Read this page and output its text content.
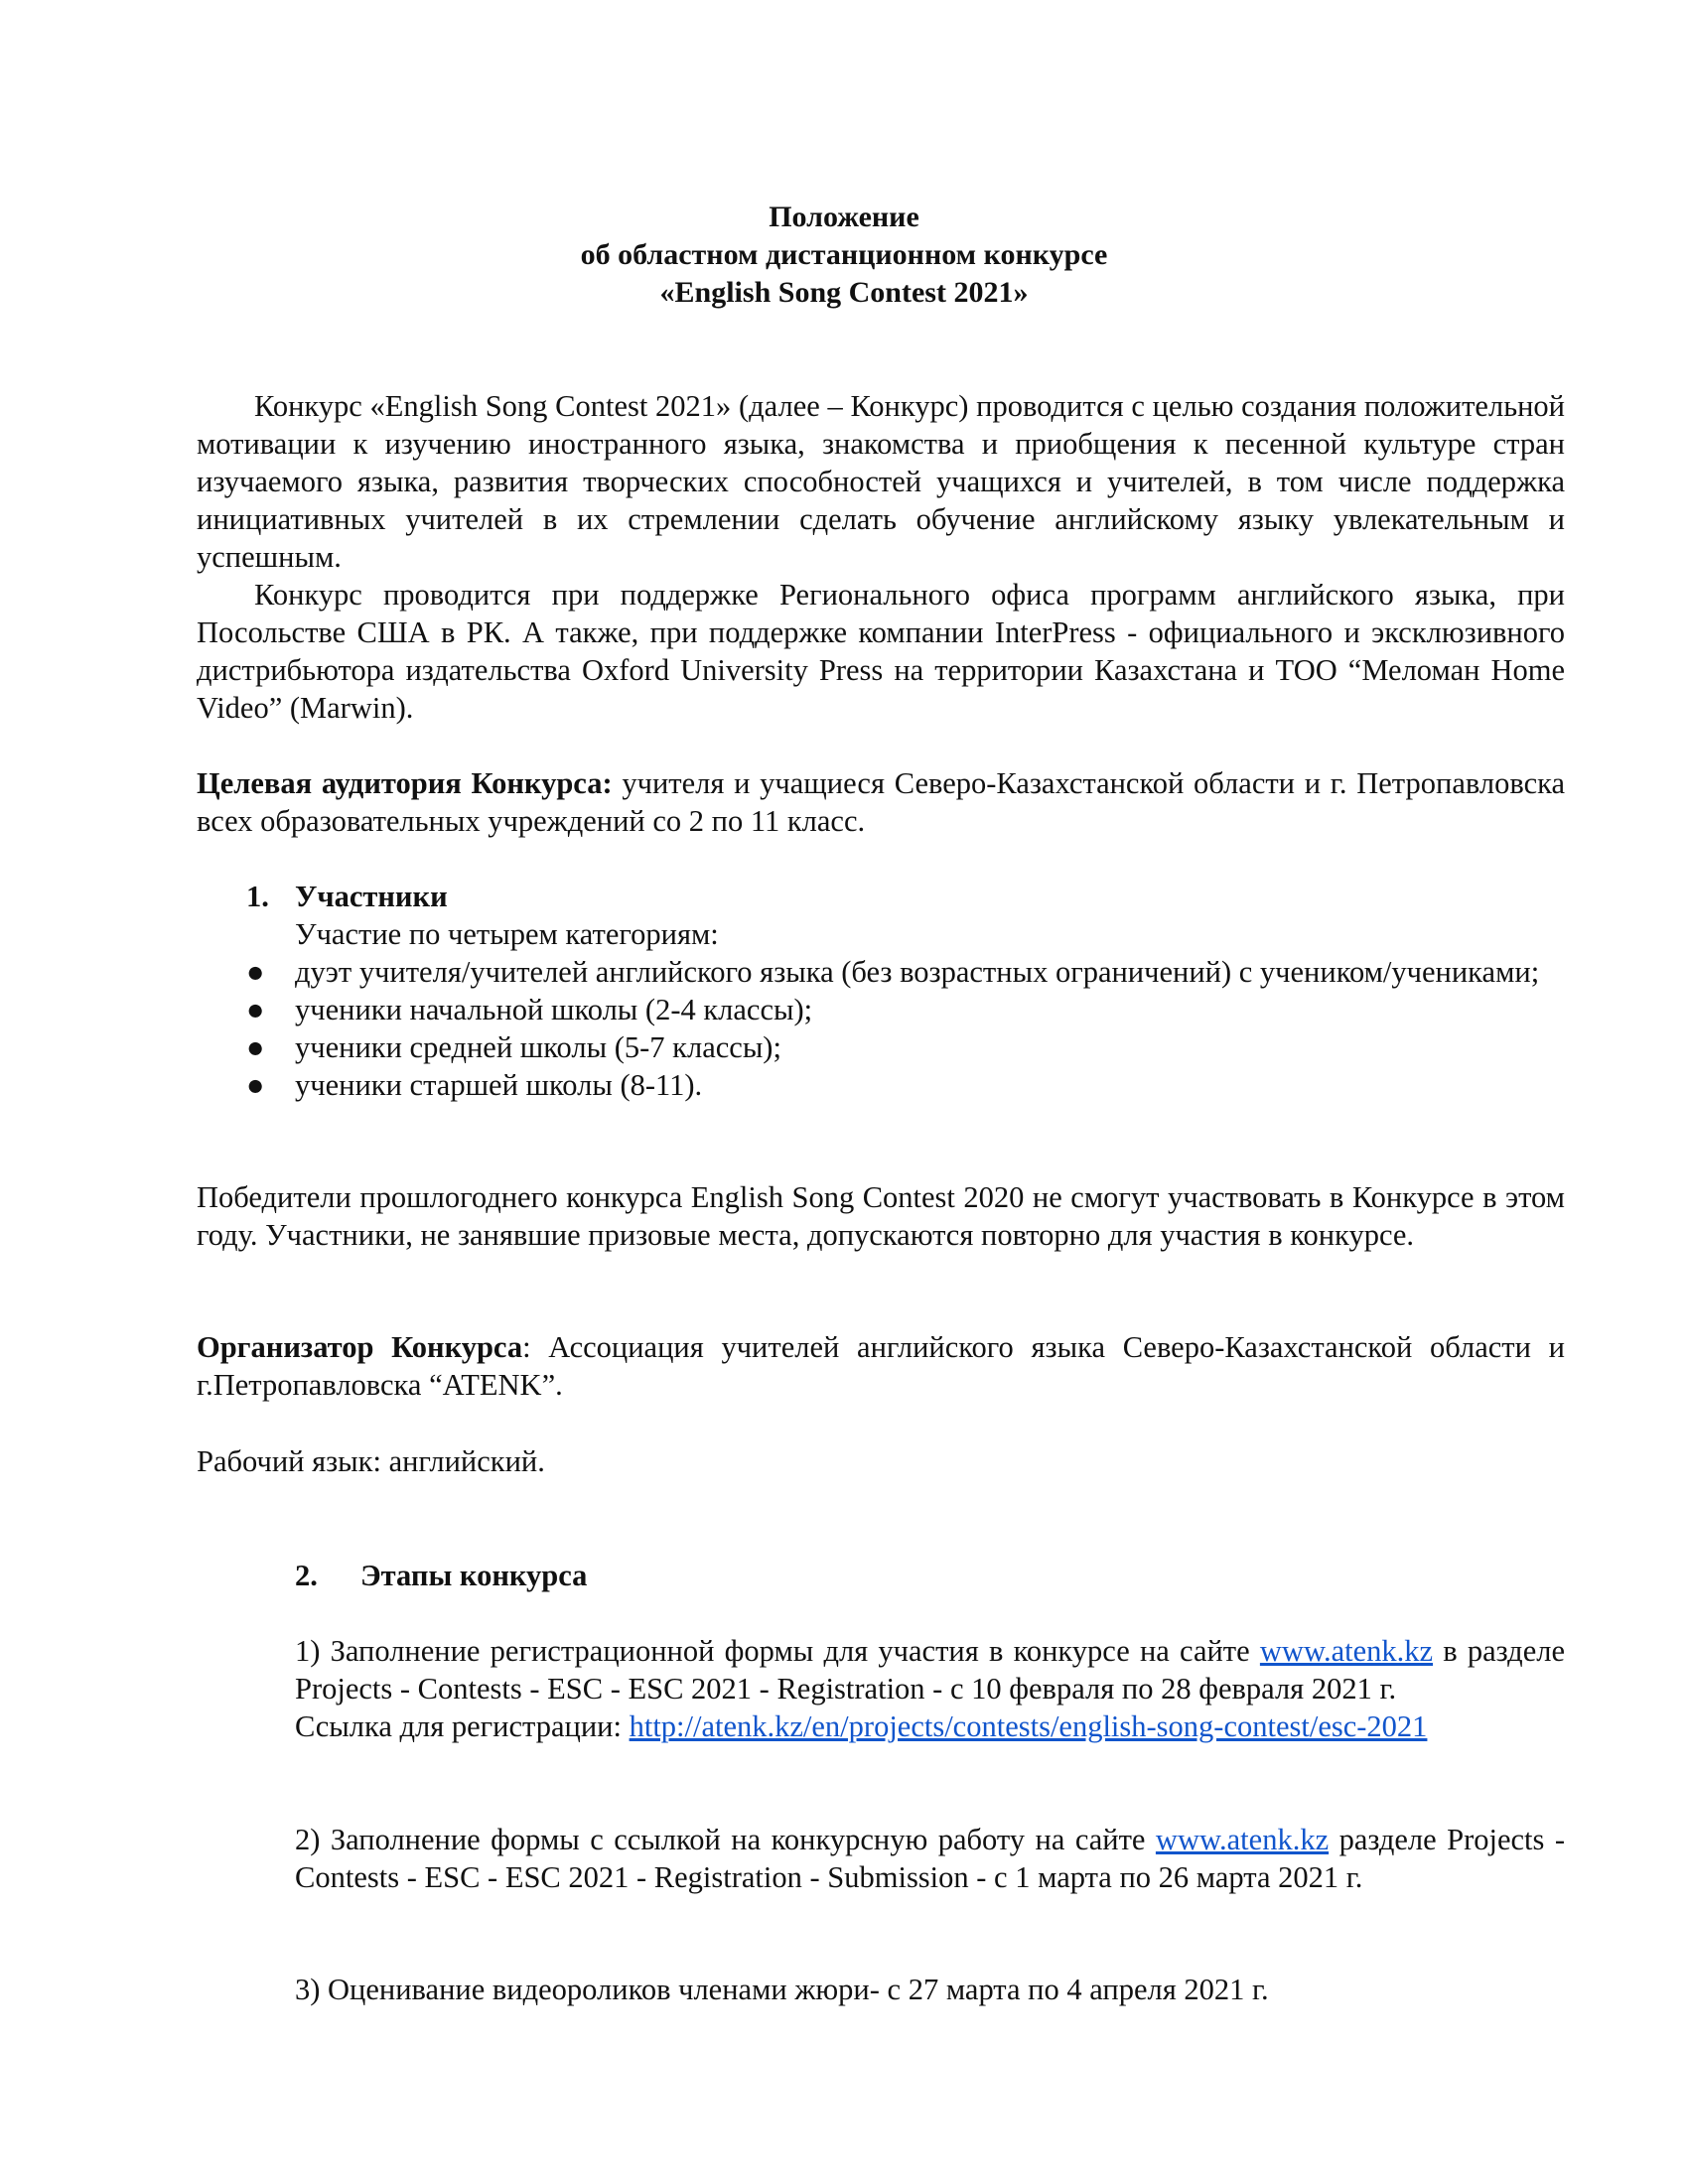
Положение
об областном дистанционном конкурсе
«English Song Contest 2021»

Конкурс «English Song Contest 2021» (далее – Конкурс) проводится с целью создания положительной мотивации к изучению иностранного языка, знакомства и приобщения к песенной культуре стран изучаемого языка, развития творческих способностей учащихся и учителей, в том числе поддержка инициативных учителей в их стремлении сделать обучение английскому языку увлекательным и успешным.

Конкурс проводится при поддержке Регионального офиса программ английского языка, при Посольстве США в РК. А также, при поддержке компании InterPress - официального и эксклюзивного дистрибьютора издательства Oxford University Press на территории Казахстана и ТОО “Меломан Home Video” (Marwin).

Целевая аудитория Конкурса: учителя и учащиеся Северо-Казахстанской области и г. Петропавловска всех образовательных учреждений со 2 по 11 класс.

1. Участники
Участие по четырем категориям:
● дуэт учителя/учителей английского языка (без возрастных ограничений) с учеником/учениками;
● ученики начальной школы (2-4 классы);
● ученики средней школы (5-7 классы);
● ученики старшей школы (8-11).

Победители прошлогоднего конкурса English Song Contest 2020 не смогут участвовать в Конкурсе в этом году. Участники, не занявшие призовые места, допускаются повторно для участия в конкурсе.

Организатор Конкурса: Ассоциация учителей английского языка Северо-Казахстанской области и г.Петропавловска “ATENK”.

Рабочий язык: английский.

2. Этапы конкурса

1) Заполнение регистрационной формы для участия в конкурсе на сайте www.atenk.kz в разделе Projects - Contests - ESC - ESC 2021 - Registration - с 10 февраля по 28 февраля 2021 г.

Ссылка для регистрации: http://atenk.kz/en/projects/contests/english-song-contest/esc-2021

2) Заполнение формы с ссылкой на конкурсную работу на сайте www.atenk.kz разделе Projects - Contests - ESC - ESC 2021 - Registration - Submission - с 1 марта по 26 марта 2021 г.

3) Оценивание видеороликов членами жюри- с 27 марта по 4 апреля 2021 г.
